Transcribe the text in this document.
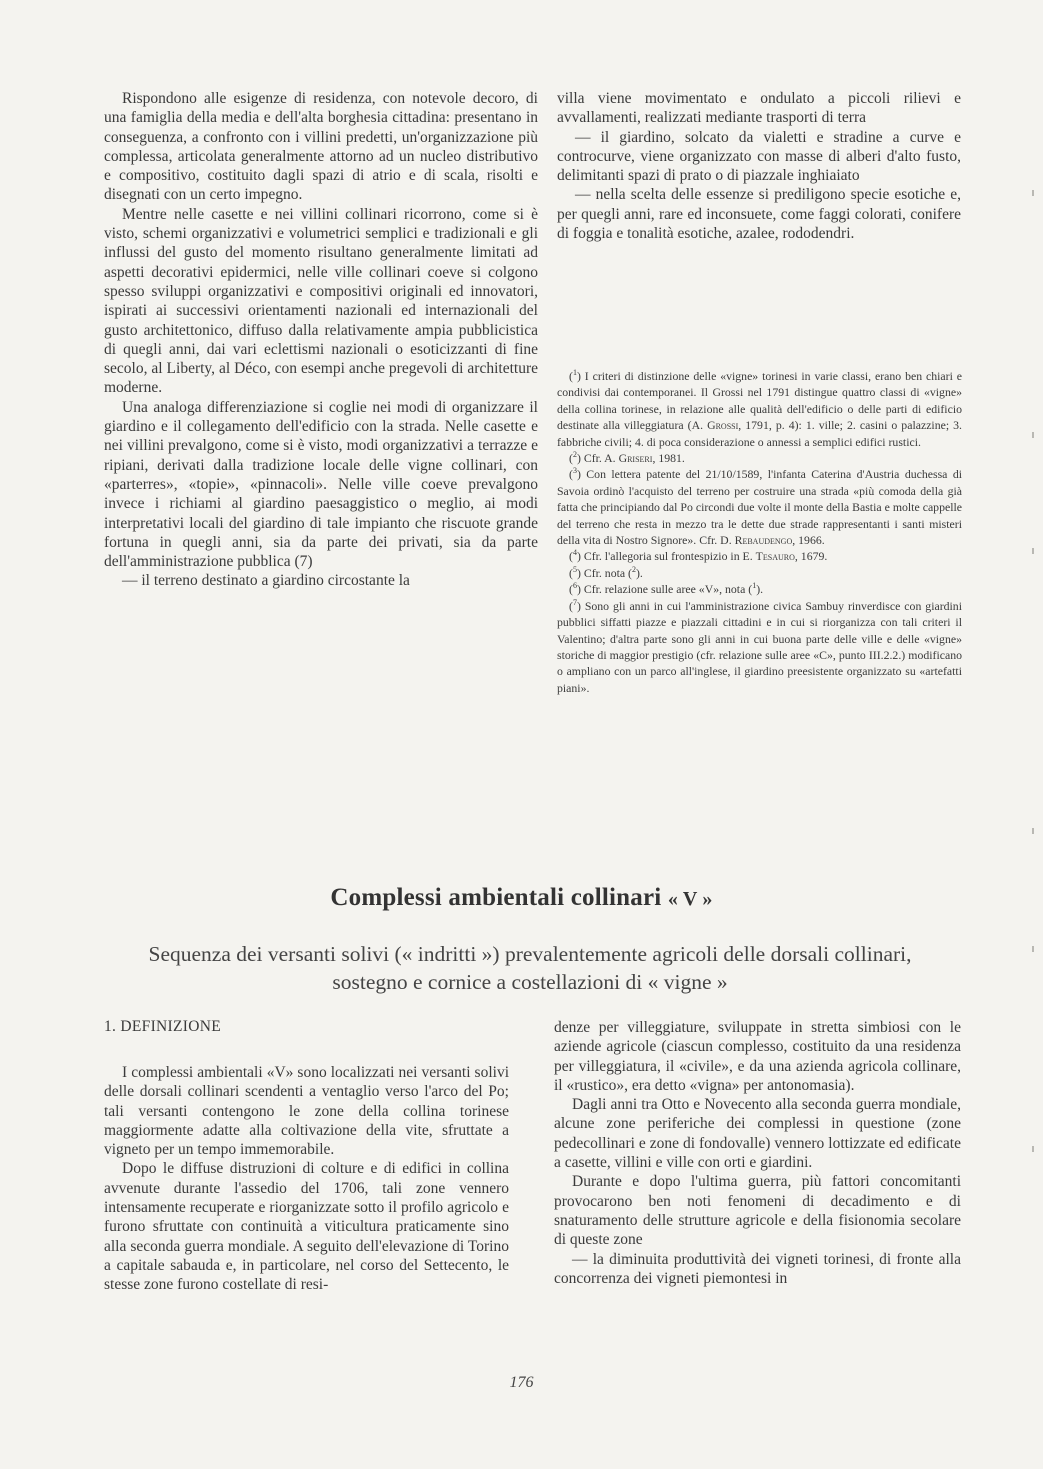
Rispondono alle esigenze di residenza, con notevole decoro, di una famiglia della media e dell'alta borghesia cittadina: presentano in conseguenza, a confronto con i villini predetti, un'organizzazione più complessa, articolata generalmente attorno ad un nucleo distributivo e compositivo, costituito dagli spazi di atrio e di scala, risolti e disegnati con un certo impegno.

Mentre nelle casette e nei villini collinari ricorrono, come si è visto, schemi organizzativi e volumetrici semplici e tradizionali e gli influssi del gusto del momento risultano generalmente limitati ad aspetti decorativi epidermici, nelle ville collinari coeve si colgono spesso sviluppi organizzativi e compositivi originali ed innovatori, ispirati ai successivi orientamenti nazionali ed internazionali del gusto architettonico, diffuso dalla relativamente ampia pubblicistica di quegli anni, dai vari eclettismi nazionali o esoticizzanti di fine secolo, al Liberty, al Déco, con esempi anche pregevoli di architetture moderne.

Una analoga differenziazione si coglie nei modi di organizzare il giardino e il collegamento dell'edificio con la strada. Nelle casette e nei villini prevalgono, come si è visto, modi organizzativi a terrazze e ripiani, derivati dalla tradizione locale delle vigne collinari, con «parterres», «topie», «pinnacoli». Nelle ville coeve prevalgono invece i richiami al giardino paesaggistico o meglio, ai modi interpretativi locali del giardino di tale impianto che riscuote grande fortuna in quegli anni, sia da parte dei privati, sia da parte dell'amministrazione pubblica (7)

— il terreno destinato a giardino circostante la

villa viene movimentato e ondulato a piccoli rilievi e avvallamenti, realizzati mediante trasporti di terra

— il giardino, solcato da vialetti e stradine a curve e controcurve, viene organizzato con masse di alberi d'alto fusto, delimitanti spazi di prato o di piazzale inghiaiato

— nella scelta delle essenze si prediligono specie esotiche e, per quegli anni, rare ed inconsuete, come faggi colorati, conifere di foggia e tonalità esotiche, azalee, rododendri.

($^1$) I criteri di distinzione delle «vigne» torinesi in varie classi, erano ben chiari e condivisi dai contemporanei. Il Grossi nel 1791 distingue quattro classi di «vigne» della collina torinese, in relazione alle qualità dell'edificio o delle parti di edificio destinate alla villeggiatura (A. Grossi, 1791, p. 4): 1. ville; 2. casini o palazzine; 3. fabbriche civili; 4. di poca considerazione o annessi a semplici edifici rustici.

($^2$) Cfr. A. Griseri, 1981.

($^3$) Con lettera patente del 21/10/1589, l'infanta Caterina d'Austria duchessa di Savoia ordinò l'acquisto del terreno per costruire una strada «più comoda della già fatta che principiando dal Po circondi due volte il monte della Bastia e molte cappelle del terreno che resta in mezzo tra le dette due strade rappresentanti i santi misteri della vita di Nostro Signore». Cfr. D. Rebaudengo, 1966.

($^4$) Cfr. l'allegoria sul frontespizio in E. Tesauro, 1679.

($^5$) Cfr. nota ($^2$).

($^6$) Cfr. relazione sulle aree «V», nota ($^1$).

($^7$) Sono gli anni in cui l'amministrazione civica Sambuy rinverdisce con giardini pubblici siffatti piazze e piazzali cittadini e in cui si riorganizza con tali criteri il Valentino; d'altra parte sono gli anni in cui buona parte delle ville e delle «vigne» storiche di maggior prestigio (cfr. relazione sulle aree «C», punto III.2.2.) modificano o ampliano con un parco all'inglese, il giardino preesistente organizzato su «artefatti piani».

Complessi ambientali collinari « V »
Sequenza dei versanti solivi (« indritti ») prevalentemente agricoli delle dorsali collinari, sostegno e cornice a costellazioni di « vigne »
1. DEFINIZIONE

I complessi ambientali «V» sono localizzati nei versanti solivi delle dorsali collinari scendenti a ventaglio verso l'arco del Po; tali versanti contengono le zone della collina torinese maggiormente adatte alla coltivazione della vite, sfruttate a vigneto per un tempo immemorabile.

Dopo le diffuse distruzioni di colture e di edifici in collina avvenute durante l'assedio del 1706, tali zone vennero intensamente recuperate e riorganizzate sotto il profilo agricolo e furono sfruttate con continuità a viticultura praticamente sino alla seconda guerra mondiale. A seguito dell'elevazione di Torino a capitale sabauda e, in particolare, nel corso del Settecento, le stesse zone furono costellate di resi-

denze per villeggiature, sviluppate in stretta simbiosi con le aziende agricole (ciascun complesso, costituito da una residenza per villeggiatura, il «civile», e da una azienda agricola collinare, il «rustico», era detto «vigna» per antonomasia).

Dagli anni tra Otto e Novecento alla seconda guerra mondiale, alcune zone periferiche dei complessi in questione (zone pedecollinari e zone di fondovalle) vennero lottizzate ed edificate a casette, villini e ville con orti e giardini.

Durante e dopo l'ultima guerra, più fattori concomitanti provocarono ben noti fenomeni di decadimento e di snaturamento delle strutture agricole e della fisionomia secolare di queste zone

— la diminuita produttività dei vigneti torinesi, di fronte alla concorrenza dei vigneti piemontesi in

176
